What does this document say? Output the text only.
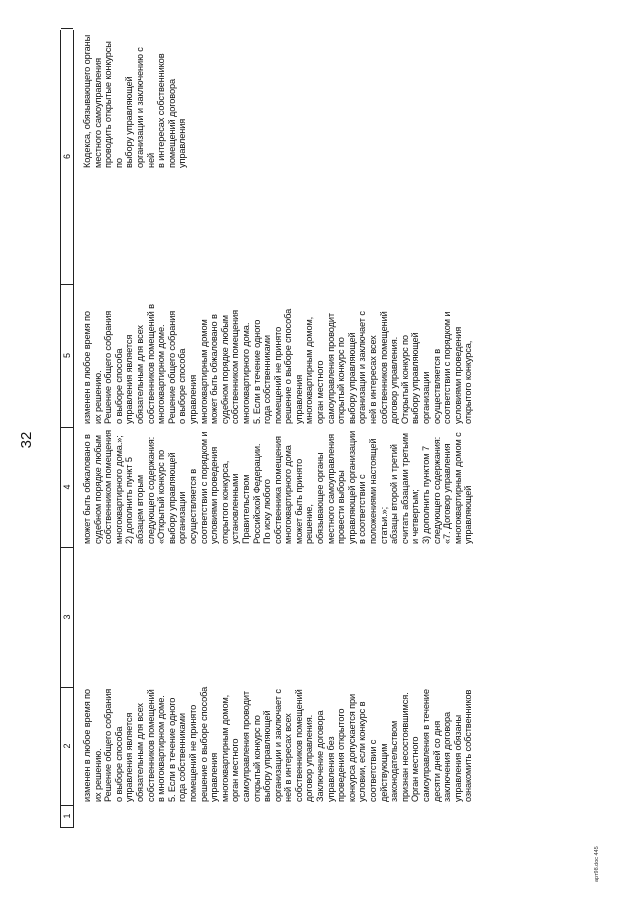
32
1
2
3
4
5
6
изменен в любое время по
их решению.
Решение общего собрания
о выборе способа
управления является
обязательным для всех
собственников помещений
в многоквартирном доме.
5. Если в течение одного
года собственниками
помещений не принято
решение о выборе способа
управления
многоквартирным домом,
орган местного
самоуправления проводит
открытый конкурс по
выбору управляющей
организации и заключает с
ней в интересах всех
собственников помещений
договор управления.
Заключение договора
управления без
проведения открытого
конкурса допускается при
условии, если конкурс в
соответствии с
действующим
законодательством
признан несостоявшимся.
Орган местного
самоуправления в течение
десяти дней со дня
заключения договора
управления обязаны
ознакомить собственников
может быть обжаловано в
судебном порядке любым
собственником помещения
многоквартирного дома.»;
2) дополнить пункт 5
абзацем вторым
следующего содержания:
«Открытый конкурс по
выбору управляющей
организации
осуществляется в
соответствии с порядком и
условиями проведения
открытого конкурса,
установленными
Правительством
Российской Федерации.
По иску любого
собственника помещения
многоквартирного дома
может быть принято
решение,
обязывающее органы
местного самоуправления
провести выборы
управляющей организации
в соответствии с
положениями настоящей
статьи.»;
абзацы второй и третий
считать абзацами третьим
и четвертым;
3) дополнить пунктом 7
следующего содержания:
«7. Договор управления
многоквартирным домом с
управляющей
изменен в любое время по
их решению.
Решение общего собрания
о выборе способа
управления является
обязательным для всех
собственников помещений в
многоквартирном доме.
Решение общего собрания
о выборе способа
управления
многоквартирным домом
может быть обжаловано в
судебном порядке любым
собственником помещения
многоквартирного дома.
5. Если в течение одного
года собственниками
помещений не принято
решение о выборе способа
управления
многоквартирным домом,
орган местного
самоуправления проводит
открытый конкурс по
выбору управляющей
организации и заключает с
ней в интересах всех
собственников помещений
договор управления.
Открытый конкурс по
выбору управляющей
организации
осуществляется в
соответствии с порядком и
условиями проведения
открытого конкурса,
Кодекса, обязывающего органы
местного самоуправления
проводить открытые конкурсы по
выбору управляющей
организации и заключению с ней
в интересах собственников
помещений договора управления
арт98.doc 445
